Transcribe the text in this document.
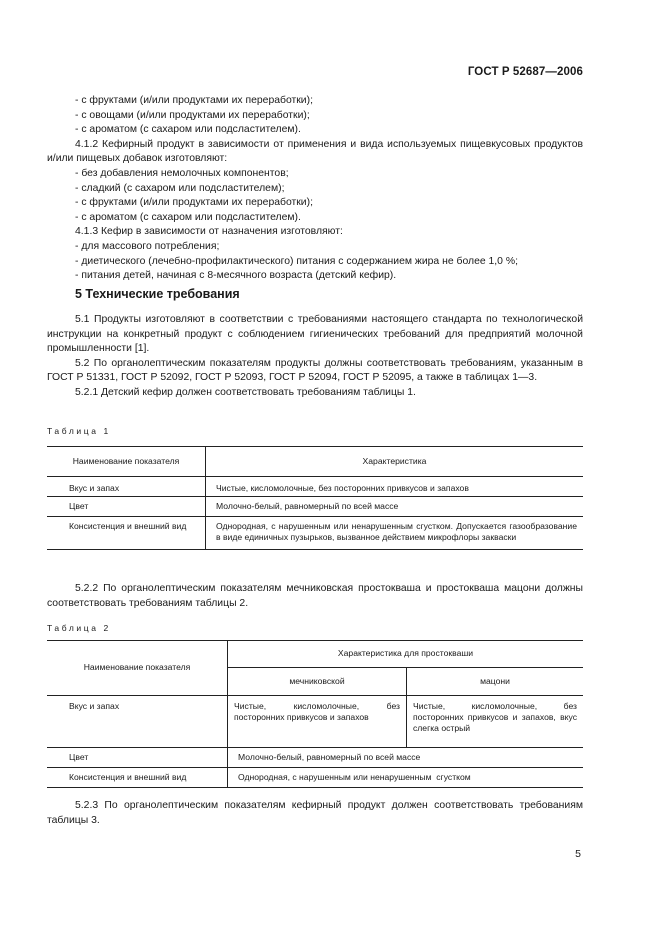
ГОСТ Р 52687—2006

- с фруктами (и/или продуктами их переработки);

- с овощами (и/или продуктами их переработки);

- с ароматом (с сахаром или подсластителем).

4.1.2 Кефирный продукт в зависимости от применения и вида используемых пищевкусовых продуктов и/или пищевых добавок изготовляют:

- без добавления немолочных компонентов;

- сладкий (с сахаром или подсластителем);

- с фруктами (и/или продуктами их переработки);

- с ароматом (с сахаром или подсластителем).

4.1.3 Кефир в зависимости от назначения изготовляют:

- для массового потребления;

- диетического (лечебно-профилактического) питания с содержанием жира не более 1,0 %;

- питания детей, начиная с 8-месячного возраста (детский кефир).

5 Технические требования

5.1 Продукты изготовляют в соответствии с требованиями настоящего стандарта по технологической инструкции на конкретный продукт с соблюдением гигиенических требований для предприятий молочной промышленности [1].

5.2 По органолептическим показателям продукты должны соответствовать требованиям, указанным в ГОСТ Р 51331, ГОСТ Р 52092, ГОСТ Р 52093, ГОСТ Р 52094, ГОСТ Р 52095, а также в таблицах 1—3.

5.2.1 Детский кефир должен соответствовать требованиям таблицы 1.

Таблица 1
Наименование показателя	Характеристика
Вкус и запах	Чистые, кисломолочные, без посторонних привкусов и запахов
Цвет	Молочно-белый, равномерный по всей массе
Консистенция и внешний вид	Однородная, с нарушенным или ненарушенным сгустком. Допускается газообразование в виде единичных пузырьков, вызванное действием микрофлоры закваски

5.2.2 По органолептическим показателям мечниковская простокваша и простокваша мацони должны соответствовать требованиям таблицы 2.

Таблица 2
Наименование показателя	Характеристика для простокваши	
	мечниковской	мацони
Вкус и запах	Чистые, кисломолочные, без посторонних привкусов и запахов	Чистые, кисломолочные, без посторонних привкусов и запахов, вкус слегка острый
Цвет	Молочно-белый, равномерный по всей массе	
Консистенция и внешний вид	Однородная, с нарушенным или ненарушенным  сгустком	

5.2.3 По органолептическим показателям кефирный продукт должен соответствовать требованиям таблицы 3.

5
